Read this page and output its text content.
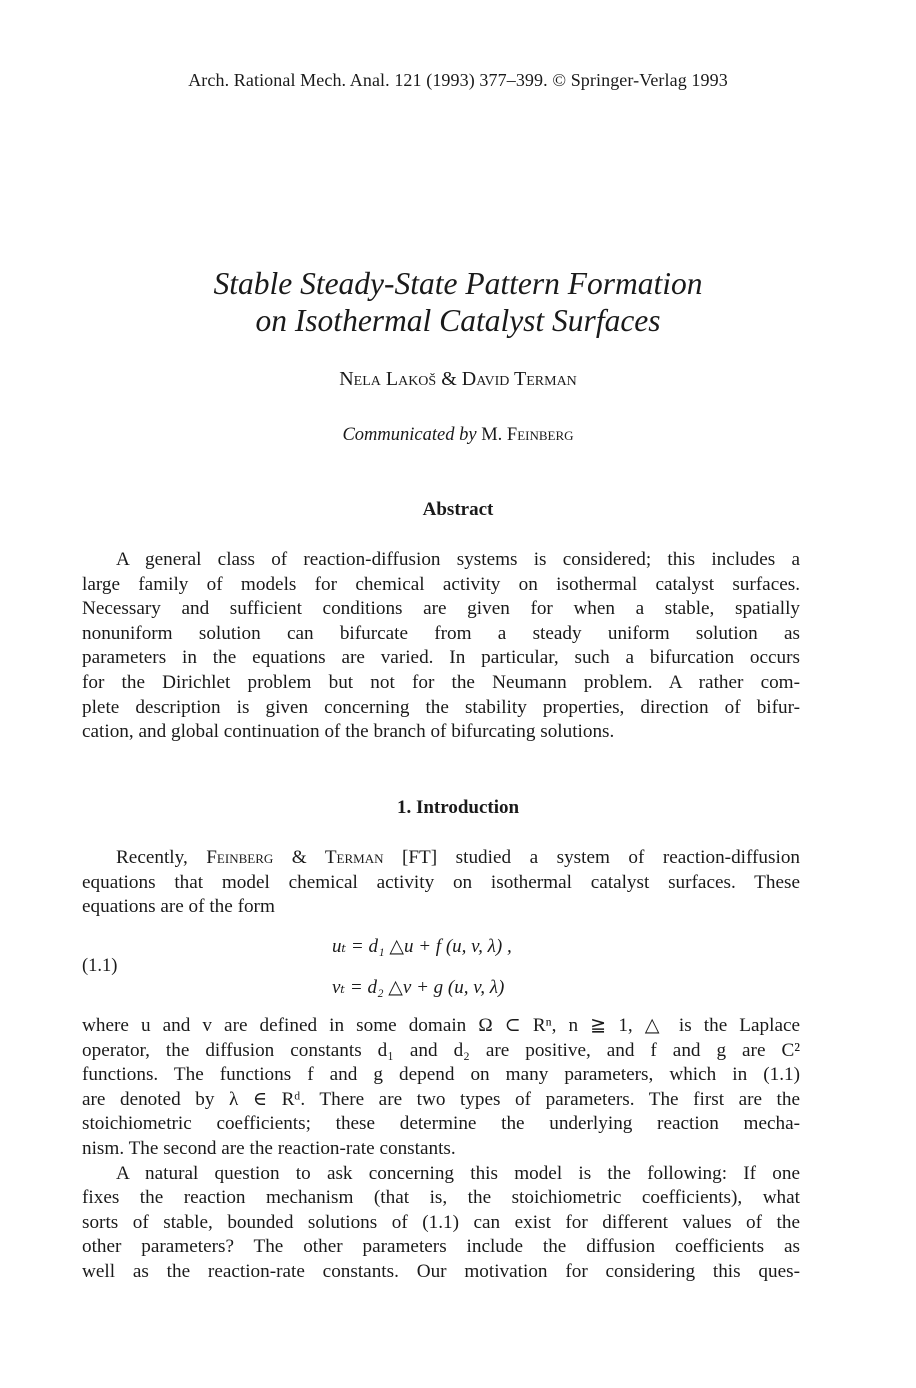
Arch. Rational Mech. Anal. 121 (1993) 377–399. © Springer-Verlag 1993
Stable Steady-State Pattern Formation
on Isothermal Catalyst Surfaces
Nela Lakoš & David Terman
Communicated by M. Feinberg
Abstract
A general class of reaction-diffusion systems is considered; this includes a
large family of models for chemical activity on isothermal catalyst surfaces.
Necessary and sufficient conditions are given for when a stable, spatially
nonuniform solution can bifurcate from a steady uniform solution as
parameters in the equations are varied. In particular, such a bifurcation occurs
for the Dirichlet problem but not for the Neumann problem. A rather com-
plete description is given concerning the stability properties, direction of bifur-
cation, and global continuation of the branch of bifurcating solutions.
1. Introduction
Recently, Feinberg & Terman [FT] studied a system of reaction-diffusion
equations that model chemical activity on isothermal catalyst surfaces. These
equations are of the form
(1.1)
uₜ = d₁ △u + f (u, v, λ) ,
vₜ = d₂ △v + g (u, v, λ)
where u and v are defined in some domain Ω ⊂ Rⁿ, n ≧ 1, △ is the Laplace
operator, the diffusion constants d₁ and d₂ are positive, and f and g are C²
functions. The functions f and g depend on many parameters, which in (1.1)
are denoted by λ ∈ Rᵈ. There are two types of parameters. The first are the
stoichiometric coefficients; these determine the underlying reaction mecha-
nism. The second are the reaction-rate constants.
A natural question to ask concerning this model is the following: If one
fixes the reaction mechanism (that is, the stoichiometric coefficients), what
sorts of stable, bounded solutions of (1.1) can exist for different values of the
other parameters? The other parameters include the diffusion coefficients as
well as the reaction-rate constants. Our motivation for considering this ques-
